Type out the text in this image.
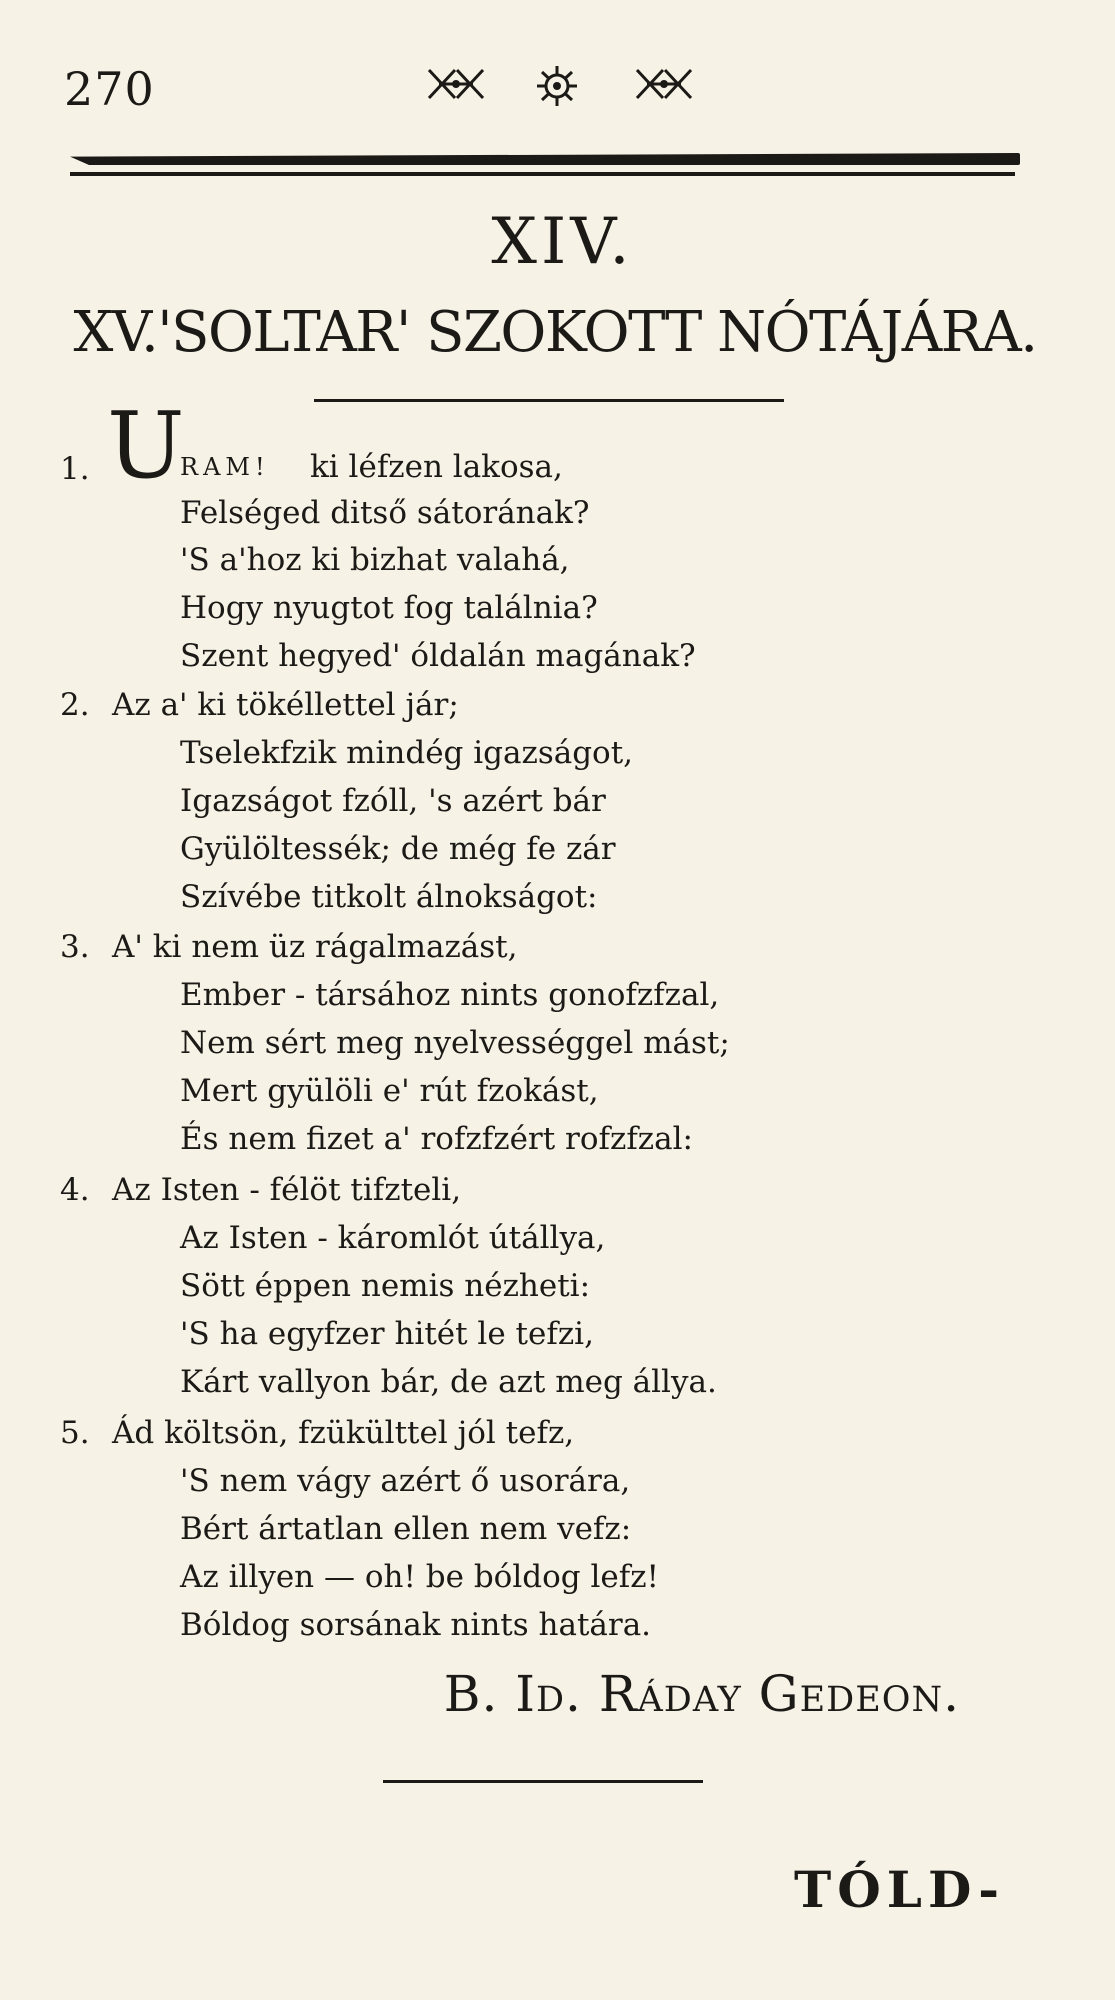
270
XIV.
XV.'SOLTAR' SZOKOTT NÓTÁJÁRA.
1. U
RAM! ki léfzen lakosa,
Felséged ditső sátorának?
'S a'hoz ki bizhat valahá,
Hogy nyugtot fog találnia?
Szent hegyed' óldalán magának?
2. Az a' ki tökéllettel jár;
Tselekfzik mindég igazságot,
Igazságot fzóll, 's azért bár
Gyülöltessék; de még fe zár
Szívébe titkolt álnokságot:
3. A' ki nem üz rágalmazást,
Ember - társához nints gonofzfzal,
Nem sért meg nyelvességgel mást;
Mert gyülöli e' rút fzokást,
És nem fizet a' rofzfzért rofzfzal:
4. Az Isten - félöt tifzteli,
Az Isten - káromlót útállya,
Sött éppen nemis nézheti:
'S ha egyfzer hitét le tefzi,
Kárt vallyon bár, de azt meg állya.
5. Ád költsön, fzükülttel jól tefz,
'S nem vágy azért ő usorára,
Bért ártatlan ellen nem vefz:
Az illyen — oh! be bóldog lefz!
Bóldog sorsának nints határa.
B. Id. Ráday Gedeon.
TÓLD-
